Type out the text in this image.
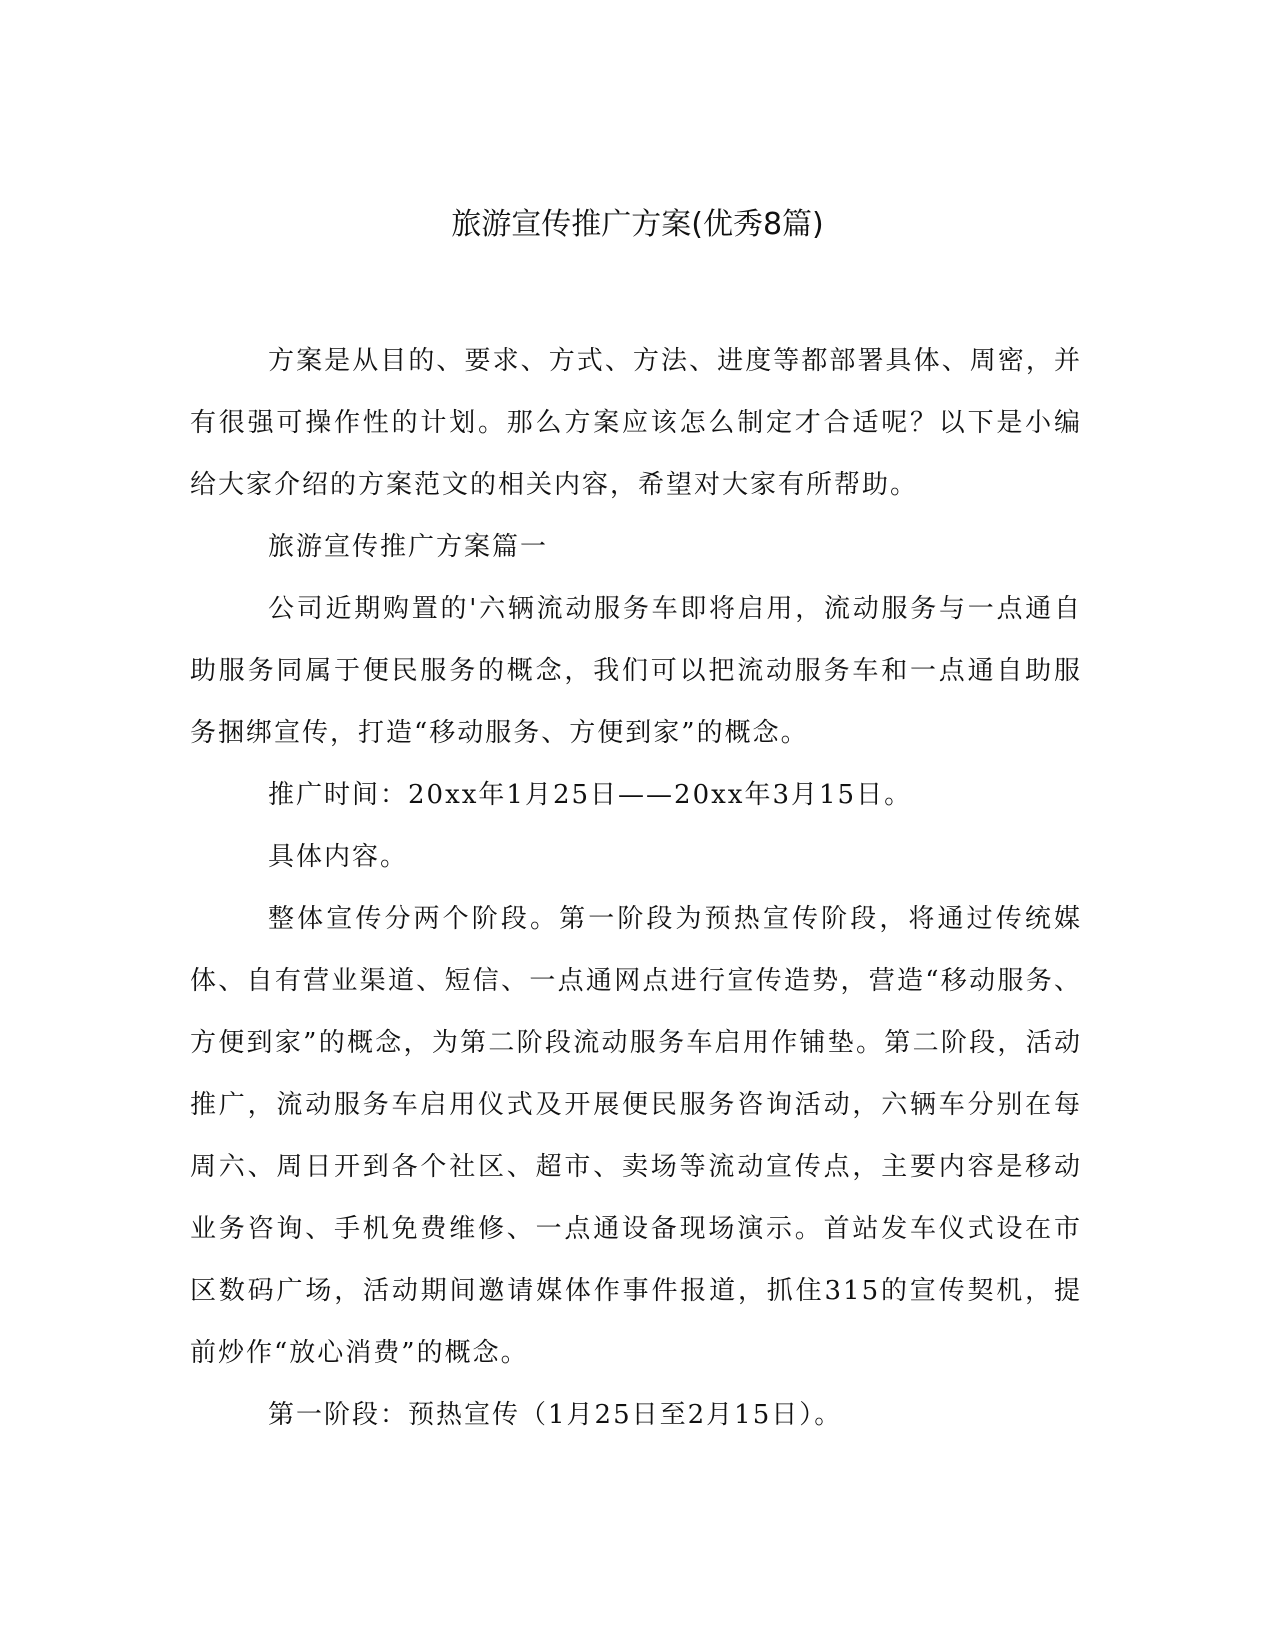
旅游宣传推广方案(优秀8篇)

方案是从目的、要求、方式、方法、进度等都部署具体、周密，并有很强可操作性的计划。那么方案应该怎么制定才合适呢？以下是小编给大家介绍的方案范文的相关内容，希望对大家有所帮助。

旅游宣传推广方案篇一

公司近期购置的'六辆流动服务车即将启用，流动服务与一点通自助服务同属于便民服务的概念，我们可以把流动服务车和一点通自助服务捆绑宣传，打造“移动服务、方便到家”的概念。

推广时间：20xx年1月25日——20xx年3月15日。

具体内容。

整体宣传分两个阶段。第一阶段为预热宣传阶段，将通过传统媒体、自有营业渠道、短信、一点通网点进行宣传造势，营造“移动服务、方便到家”的概念，为第二阶段流动服务车启用作铺垫。第二阶段，活动推广，流动服务车启用仪式及开展便民服务咨询活动，六辆车分别在每周六、周日开到各个社区、超市、卖场等流动宣传点，主要内容是移动业务咨询、手机免费维修、一点通设备现场演示。首站发车仪式设在市区数码广场，活动期间邀请媒体作事件报道，抓住315的宣传契机，提前炒作“放心消费”的概念。

第一阶段：预热宣传（1月25日至2月15日）。
